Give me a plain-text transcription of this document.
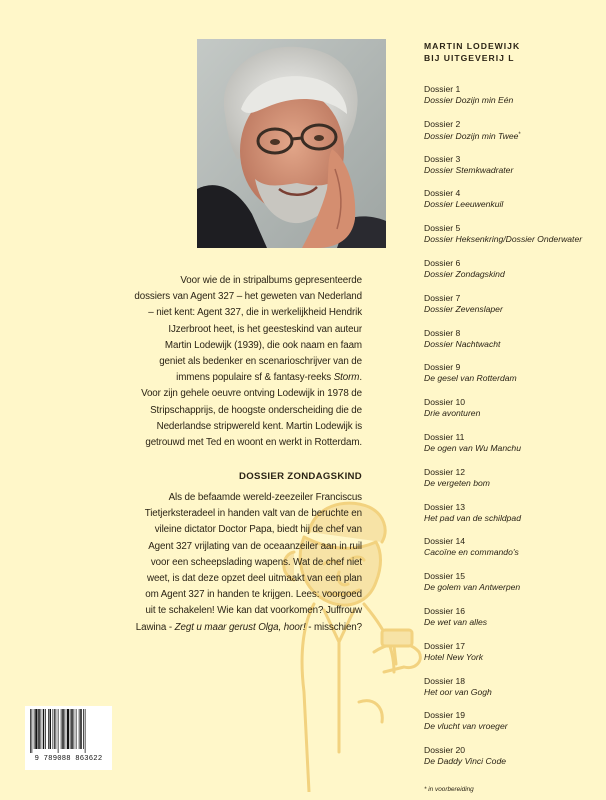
Voor wie de in stripalbums gepresenteerde
dossiers van Agent 327 – het geweten van Nederland
– niet kent: Agent 327, die in werkelijkheid Hendrik
IJzerbroot heet, is het geesteskind van auteur
Martin Lodewijk (1939), die ook naam en faam
geniet als bedenker en scenarioschrijver van de
immens populaire sf & fantasy-reeks Storm.
Voor zijn gehele oeuvre ontving Lodewijk in 1978 de
Stripschapprijs, de hoogste onderscheiding die de
Nederlandse stripwereld kent. Martin Lodewijk is
getrouwd met Ted en woont en werkt in Rotterdam.
DOSSIER ZONDAGSKIND
Als de befaamde wereld-zeezeiler Franciscus
Tietjerksteradeel in handen valt van de beruchte en
vileine dictator Doctor Papa, biedt hij de chef van
Agent 327 vrijlating van de oceaanzeiler aan in ruil
voor een scheepslading wapens. Wat de chef niet
weet, is dat deze opzet deel uitmaakt van een plan
om Agent 327 in handen te krijgen. Lees: voorgoed
uit te schakelen! Wie kan dat voorkomen? Juffrouw
Lawina - Zegt u maar gerust Olga, hoor! - misschien?
9 789088 863622
MARTIN LODEWIJK
BIJ UITGEVERIJ L
Dossier 1
Dossier Dozijn min Eén
Dossier 2
Dossier Dozijn min Twee*
Dossier 3
Dossier Stemkwadrater
Dossier 4
Dossier Leeuwenkuil
Dossier 5
Dossier Heksenkring/Dossier Onderwater
Dossier 6
Dossier Zondagskind
Dossier 7
Dossier Zevenslaper
Dossier 8
Dossier Nachtwacht
Dossier 9
De gesel van Rotterdam
Dossier 10
Drie avonturen
Dossier 11
De ogen van Wu Manchu
Dossier 12
De vergeten bom
Dossier 13
Het pad van de schildpad
Dossier 14
Cacoïne en commando's
Dossier 15
De golem van Antwerpen
Dossier 16
De wet van alles
Dossier 17
Hotel New York
Dossier 18
Het oor van Gogh
Dossier 19
De vlucht van vroeger
Dossier 20
De Daddy Vinci Code
* in voorbereiding
